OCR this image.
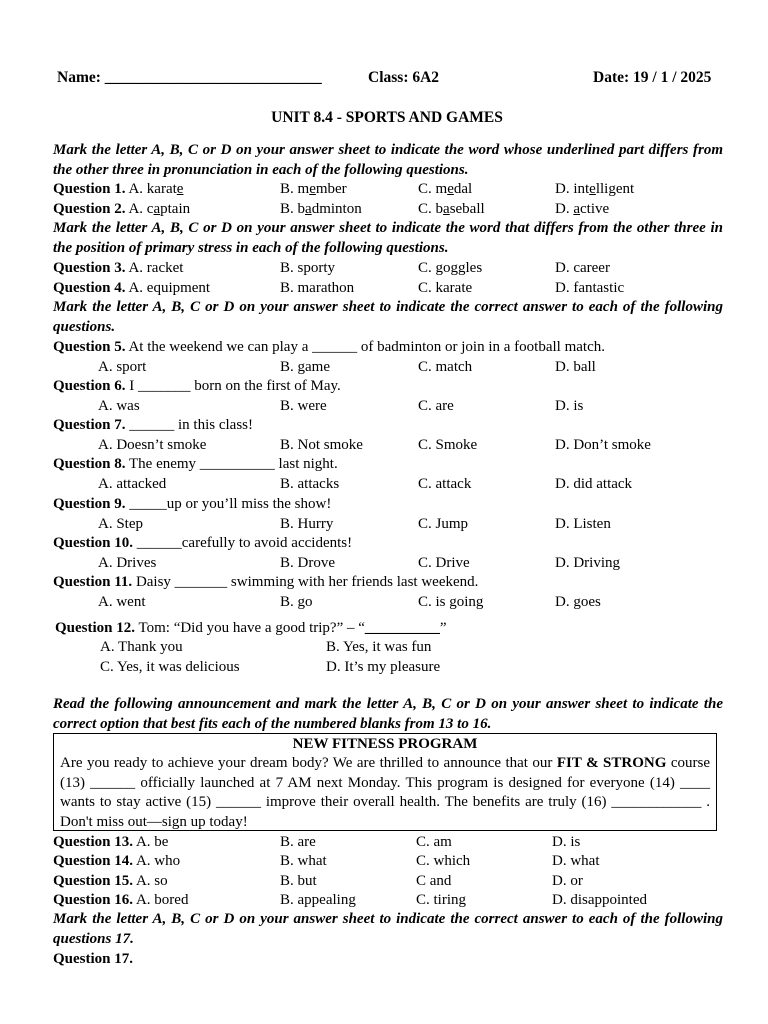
Name: ____________________________	Class: 6A2	Date: 19 / 1 / 2025
UNIT 8.4 - SPORTS AND GAMES
Mark the letter A, B, C or D on your answer sheet to indicate the word whose underlined part differs from the other three in pronunciation in each of the following questions.
Question 1. A. karate	B. member	C. medal	D. intelligent
Question 2. A. captain	B. badminton	C. baseball	D. active
Mark the letter A, B, C or D on your answer sheet to indicate the word that differs from the other three in the position of primary stress in each of the following questions.
Question 3. A. racket	B. sporty	C. goggles	D. career
Question 4. A. equipment	B. marathon	C. karate	D. fantastic
Mark the letter A, B, C or D on your answer sheet to indicate the correct answer to each of the following questions.
Question 5. At the weekend we can play a ______ of badminton or join in a football match.
A. sport	B. game	C. match	D. ball
Question 6. I _______ born on the first of May.
A. was	B. were	C. are	D. is
Question 7. ______ in this class!
A. Doesn’t smoke	B. Not smoke	C. Smoke	D. Don’t smoke
Question 8. The enemy __________ last night.
A. attacked	B. attacks	C. attack	D. did attack
Question 9. _____up or you’ll miss the show!
A. Step	B. Hurry	C. Jump	D. Listen
Question 10. ______carefully to avoid accidents!
A. Drives	B. Drove	C. Drive	D. Driving
Question 11. Daisy _______ swimming with her friends last weekend.
A. went	B. go	C. is going	D. goes
Question 12. Tom: “Did you have a good trip?” – “__________”
A. Thank you	B. Yes, it was fun
C. Yes, it was delicious	D. It’s my pleasure
Read the following announcement and mark the letter A, B, C or D on your answer sheet to indicate the correct option that best fits each of the numbered blanks from 13 to 16.
NEW FITNESS PROGRAM
Are you ready to achieve your dream body? We are thrilled to announce that our FIT & STRONG course (13) ______ officially launched at 7 AM next Monday. This program is designed for everyone (14) ____ wants to stay active (15) ______ improve their overall health. The benefits are truly (16) ____________ . Don't miss out—sign up today!
Question 13. A. be	B. are	C. am	D. is
Question 14. A. who	B. what	C. which	D. what
Question 15. A. so	B. but	C and	D. or
Question 16. A. bored	B. appealing	C. tiring	D. disappointed
Mark the letter A, B, C or D on your answer sheet to indicate the correct answer to each of the following questions 17.
Question 17.
